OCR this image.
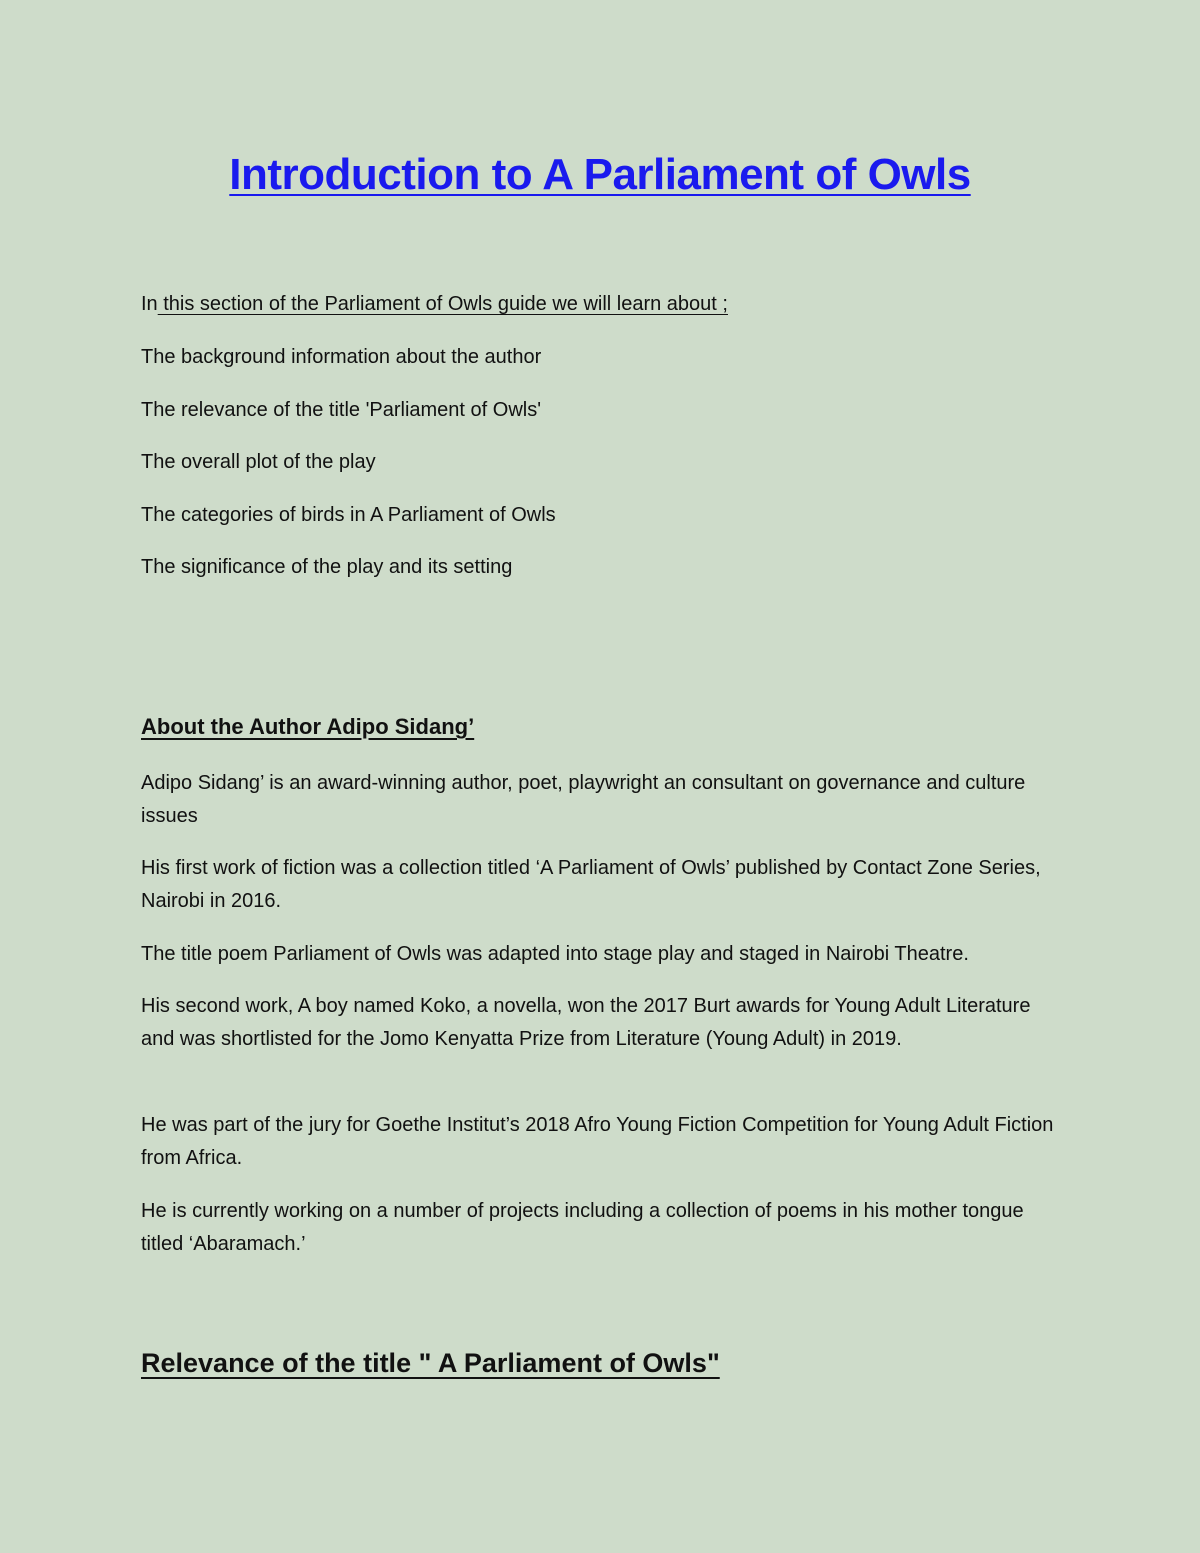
Introduction to A Parliament of Owls

In this section of the Parliament of Owls guide we will learn about ;

The background information about the author
The relevance of the title 'Parliament of Owls'
The overall plot of the play
The categories of birds in A Parliament of Owls
The significance of the play and its setting
About the Author Adipo Sidang’

Adipo Sidang’ is an award-winning author, poet, playwright an consultant on governance and culture issues

His first work of fiction was a collection titled ‘A Parliament of Owls’ published by Contact Zone Series, Nairobi in 2016.

The title poem Parliament of Owls was adapted into stage play and staged in Nairobi Theatre.

His second work, A boy named Koko, a novella, won the 2017 Burt awards for Young Adult Literature and was shortlisted for the Jomo Kenyatta Prize from Literature (Young Adult) in 2019.

He was part of the jury for Goethe Institut’s 2018 Afro Young Fiction Competition for Young Adult Fiction from Africa.

He is currently working on a number of projects including a collection of poems in his mother tongue titled ‘Abaramach.’

Relevance of the title " A Parliament of Owls"
